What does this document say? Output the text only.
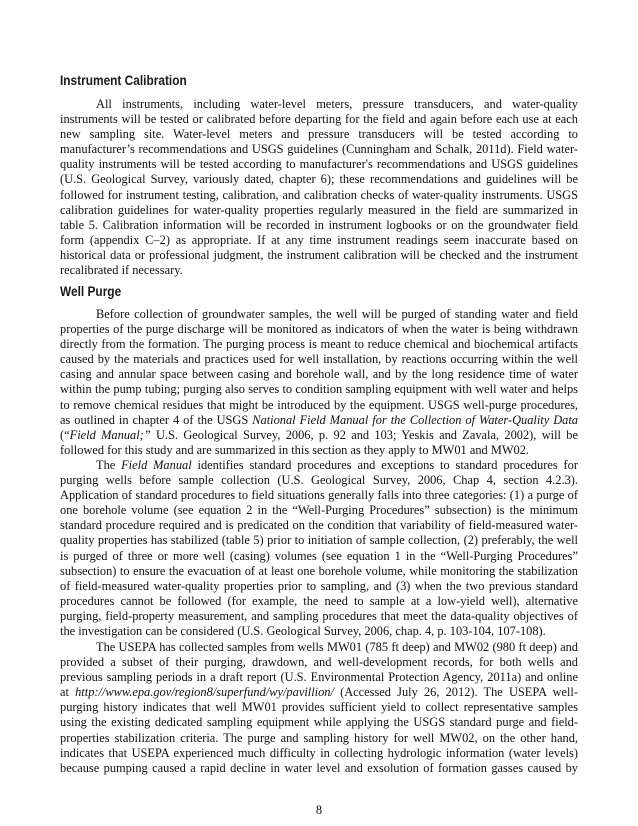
Instrument Calibration
All instruments, including water-level meters, pressure transducers, and water-quality
instruments will be tested or calibrated before departing for the field and again before each use at each
new sampling site. Water-level meters and pressure transducers will be tested according to
manufacturer’s recommendations and USGS guidelines (Cunningham and Schalk, 2011d). Field water-
quality instruments will be tested according to manufacturer's recommendations and USGS guidelines
(U.S. Geological Survey, variously dated, chapter 6); these recommendations and guidelines will be
followed for instrument testing, calibration, and calibration checks of water-quality instruments. USGS
calibration guidelines for water-quality properties regularly measured in the field are summarized in
table 5. Calibration information will be recorded in instrument logbooks or on the groundwater field
form (appendix C–2) as appropriate. If at any time instrument readings seem inaccurate based on
historical data or professional judgment, the instrument calibration will be checked and the instrument
recalibrated if necessary.
Well Purge
Before collection of groundwater samples, the well will be purged of standing water and field
properties of the purge discharge will be monitored as indicators of when the water is being withdrawn
directly from the formation. The purging process is meant to reduce chemical and biochemical artifacts
caused by the materials and practices used for well installation, by reactions occurring within the well
casing and annular space between casing and borehole wall, and by the long residence time of water
within the pump tubing; purging also serves to condition sampling equipment with well water and helps
to remove chemical residues that might be introduced by the equipment. USGS well-purge procedures,
as outlined in chapter 4 of the USGS National Field Manual for the Collection of Water-Quality Data
(“Field Manual;” U.S. Geological Survey, 2006, p. 92 and 103; Yeskis and Zavala, 2002), will be
followed for this study and are summarized in this section as they apply to MW01 and MW02.
The Field Manual identifies standard procedures and exceptions to standard procedures for
purging wells before sample collection (U.S. Geological Survey, 2006, Chap 4, section 4.2.3).
Application of standard procedures to field situations generally falls into three categories: (1) a purge of
one borehole volume (see equation 2 in the “Well-Purging Procedures” subsection) is the minimum
standard procedure required and is predicated on the condition that variability of field-measured water-
quality properties has stabilized (table 5) prior to initiation of sample collection, (2) preferably, the well
is purged of three or more well (casing) volumes (see equation 1 in the “Well-Purging Procedures”
subsection) to ensure the evacuation of at least one borehole volume, while monitoring the stabilization
of field-measured water-quality properties prior to sampling, and (3) when the two previous standard
procedures cannot be followed (for example, the need to sample at a low-yield well), alternative
purging, field-property measurement, and sampling procedures that meet the data-quality objectives of
the investigation can be considered (U.S. Geological Survey, 2006, chap. 4, p. 103-104, 107-108).
The USEPA has collected samples from wells MW01 (785 ft deep) and MW02 (980 ft deep) and
provided a subset of their purging, drawdown, and well-development records, for both wells and
previous sampling periods in a draft report (U.S. Environmental Protection Agency, 2011a) and online
at http://www.epa.gov/region8/superfund/wy/pavillion/ (Accessed July 26, 2012). The USEPA well-
purging history indicates that well MW01 provides sufficient yield to collect representative samples
using the existing dedicated sampling equipment while applying the USGS standard purge and field-
properties stabilization criteria. The purge and sampling history for well MW02, on the other hand,
indicates that USEPA experienced much difficulty in collecting hydrologic information (water levels)
because pumping caused a rapid decline in water level and exsolution of formation gasses caused by

8
